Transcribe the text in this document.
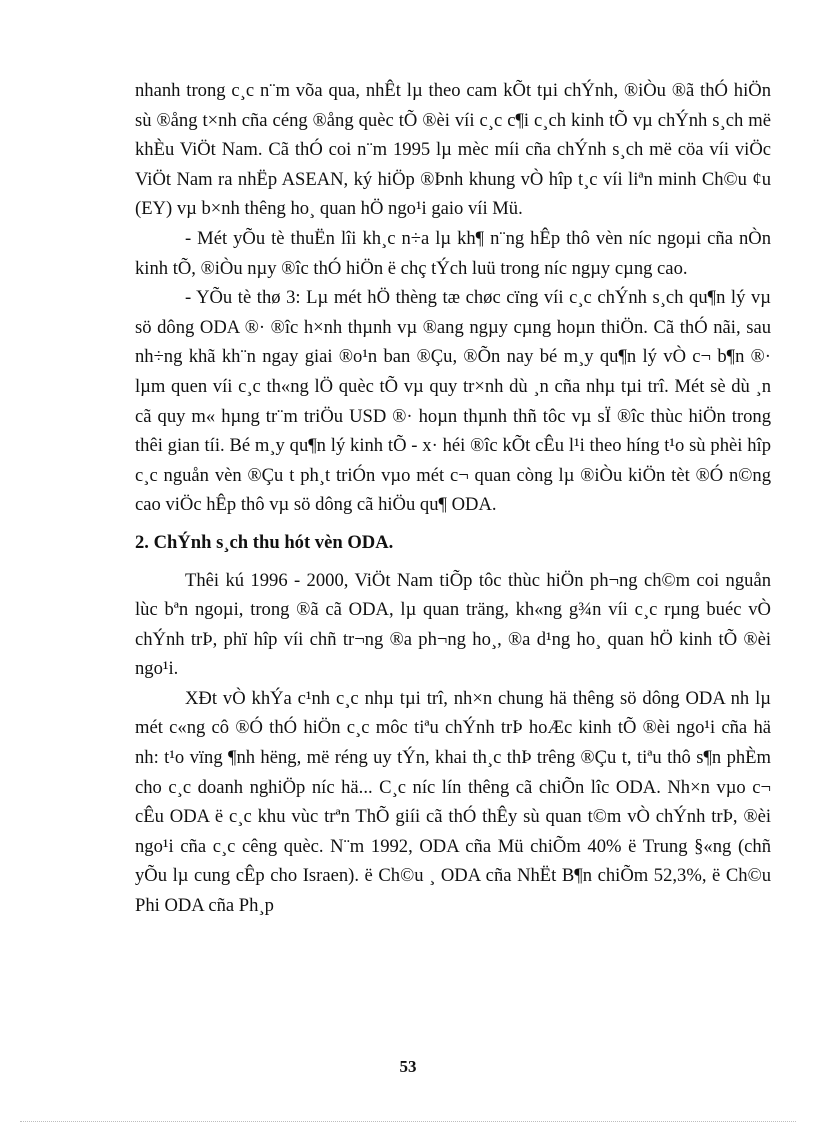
nhanh trong c¸c n¨m võa qua, nhÊt lµ theo cam kÕt tµi chÝnh, ®iÒu ®ã thÓ hiÖn sù ®ång t×nh cña céng ®ång quèc tÕ ®èi víi c¸c c¶i c¸ch kinh tÕ vµ chÝnh s¸ch më khÈu ViÖt Nam. Cã thÓ coi n¨m 1995 lµ mèc míi cña chÝnh s¸ch më cöa víi viÖc ViÖt Nam ra nhËp ASEAN, ký hiÖp ®Þnh khung vÒ hîp t¸c víi liªn minh Ch©u ¢u (EY) vµ b×nh thêng ho¸ quan hÖ ngo¹i gaio víi Mü.

- Mét yÕu tè thuËn lîi kh¸c n÷a lµ kh¶ n¨ng hÊp thô vèn níc ngoµi cña nÒn kinh tÕ, ®iÒu nµy ®îc thÓ hiÖn ë chç tÝch luü trong níc ngµy cµng cao.

- YÕu tè thø 3: Lµ mét hÖ thèng tæ chøc cïng víi c¸c chÝnh s¸ch qu¶n lý vµ sö dông ODA ®· ®îc h×nh thµnh vµ ®ang ngµy cµng hoµn thiÖn. Cã thÓ nãi, sau nh÷ng khã kh¨n ngay giai ®o¹n ban ®Çu, ®Õn nay bé m¸y qu¶n lý vÒ c¬ b¶n ®· lµm quen víi c¸c th«ng lÖ quèc tÕ vµ quy tr×nh dù ¸n cña nhµ tµi trî. Mét sè dù ¸n cã quy m« hµng tr¨m triÖu USD ®· hoµn thµnh thñ tôc vµ sÏ ®îc thùc hiÖn trong thêi gian tíi. Bé m¸y qu¶n lý kinh tÕ - x· héi ®îc kÕt cÊu l¹i theo híng t¹o sù phèi hîp c¸c nguån vèn ®Çu t ph¸t triÓn vµo mét c¬ quan còng lµ ®iÒu kiÖn tèt ®Ó n©ng cao viÖc hÊp thô vµ sö dông cã hiÖu qu¶ ODA.

2. ChÝnh s¸ch thu hót vèn ODA.

Thêi kú 1996 - 2000, ViÖt Nam tiÕp tôc thùc hiÖn ph¬ng ch©m coi nguån lùc bªn ngoµi, trong ®ã cã ODA, lµ quan träng, kh«ng g¾n víi c¸c rµng buéc vÒ chÝnh trÞ, phï hîp víi chñ tr¬ng ®a ph¬ng ho¸, ®a d¹ng ho¸ quan hÖ kinh tÕ ®èi ngo¹i.

XÐt vÒ khÝa c¹nh c¸c nhµ tµi trî, nh×n chung hä thêng sö dông ODA nh lµ mét c«ng cô ®Ó thÓ hiÖn c¸c môc tiªu chÝnh trÞ hoÆc kinh tÕ ®èi ngo¹i cña hä nh: t¹o vïng ¶nh hëng, më réng uy tÝn, khai th¸c thÞ trêng ®Çu t, tiªu thô s¶n phÈm cho c¸c doanh nghiÖp níc hä... C¸c níc lín thêng cã chiÕn lîc ODA. Nh×n vµo c¬ cÊu ODA ë c¸c khu vùc trªn ThÕ giíi cã thÓ thÊy sù quan t©m vÒ chÝnh trÞ, ®èi ngo¹i cña c¸c cêng quèc. N¨m 1992, ODA cña Mü chiÕm 40% ë Trung §«ng (chñ yÕu lµ cung cÊp cho Israen). ë Ch©u ¸ ODA cña NhËt B¶n chiÕm 52,3%, ë Ch©u Phi ODA cña Ph¸p

53
